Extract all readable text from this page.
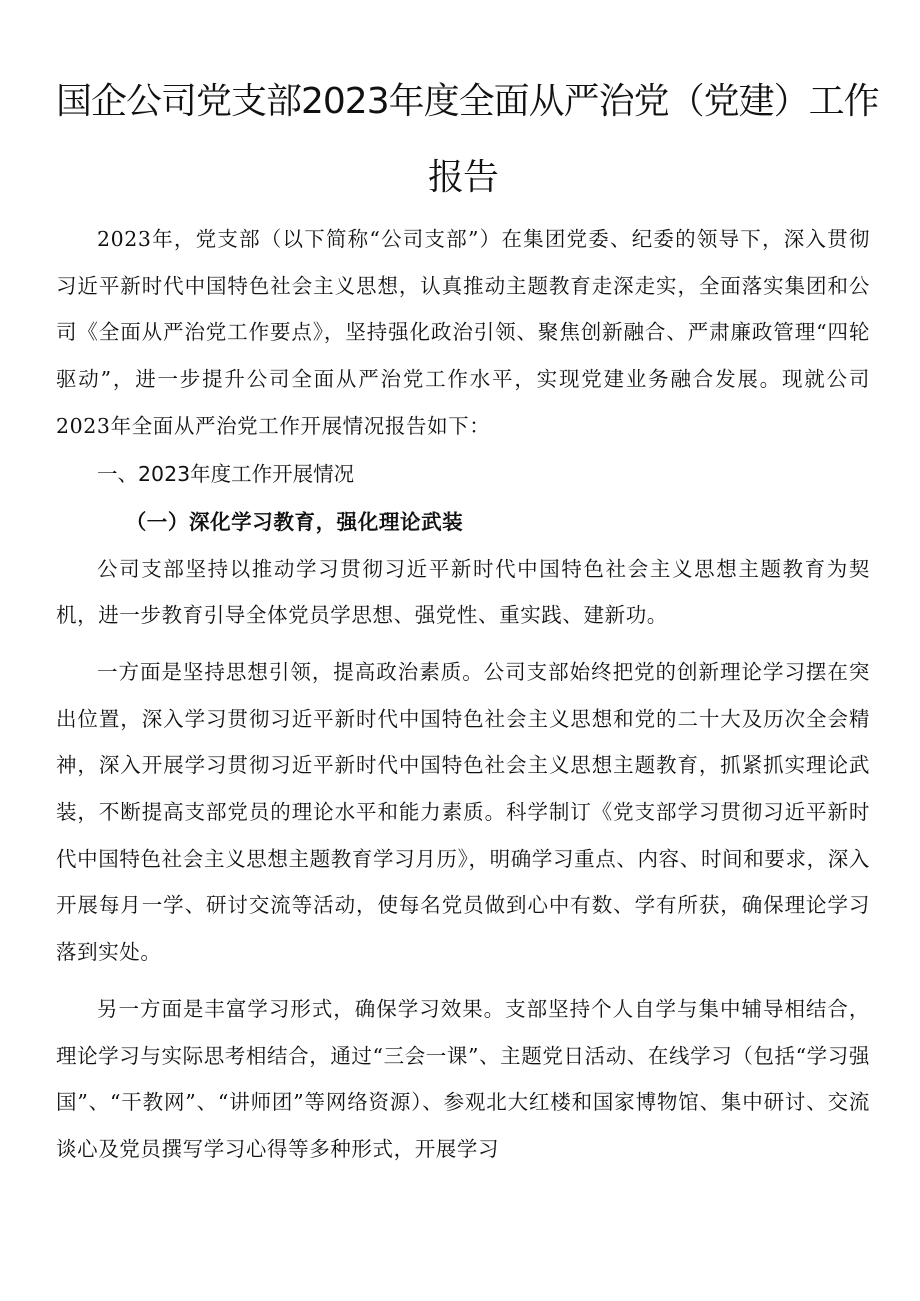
国企公司党支部2023年度全面从严治党（党建）工作
报告

2023年，党支部（以下简称“公司支部”）在集团党委、纪委的领导下，深入贯彻习近平新时代中国特色社会主义思想，认真推动主题教育走深走实，全面落实集团和公司《全面从严治党工作要点》，坚持强化政治引领、聚焦创新融合、严肃廉政管理“四轮驱动”，进一步提升公司全面从严治党工作水平，实现党建业务融合发展。现就公司2023年全面从严治党工作开展情况报告如下：

一、2023年度工作开展情况
（一）深化学习教育，强化理论武装

公司支部坚持以推动学习贯彻习近平新时代中国特色社会主义思想主题教育为契机，进一步教育引导全体党员学思想、强党性、重实践、建新功。

一方面是坚持思想引领，提高政治素质。公司支部始终把党的创新理论学习摆在突出位置，深入学习贯彻习近平新时代中国特色社会主义思想和党的二十大及历次全会精神，深入开展学习贯彻习近平新时代中国特色社会主义思想主题教育，抓紧抓实理论武装，不断提高支部党员的理论水平和能力素质。科学制订《党支部学习贯彻习近平新时代中国特色社会主义思想主题教育学习月历》，明确学习重点、内容、时间和要求，深入开展每月一学、研讨交流等活动，使每名党员做到心中有数、学有所获，确保理论学习落到实处。

另一方面是丰富学习形式，确保学习效果。支部坚持个人自学与集中辅导相结合，理论学习与实际思考相结合，通过“三会一课”、主题党日活动、在线学习（包括“学习强国”、“干教网”、“讲师团”等网络资源）、参观北大红楼和国家博物馆、集中研讨、交流谈心及党员撰写学习心得等多种形式，开展学习
